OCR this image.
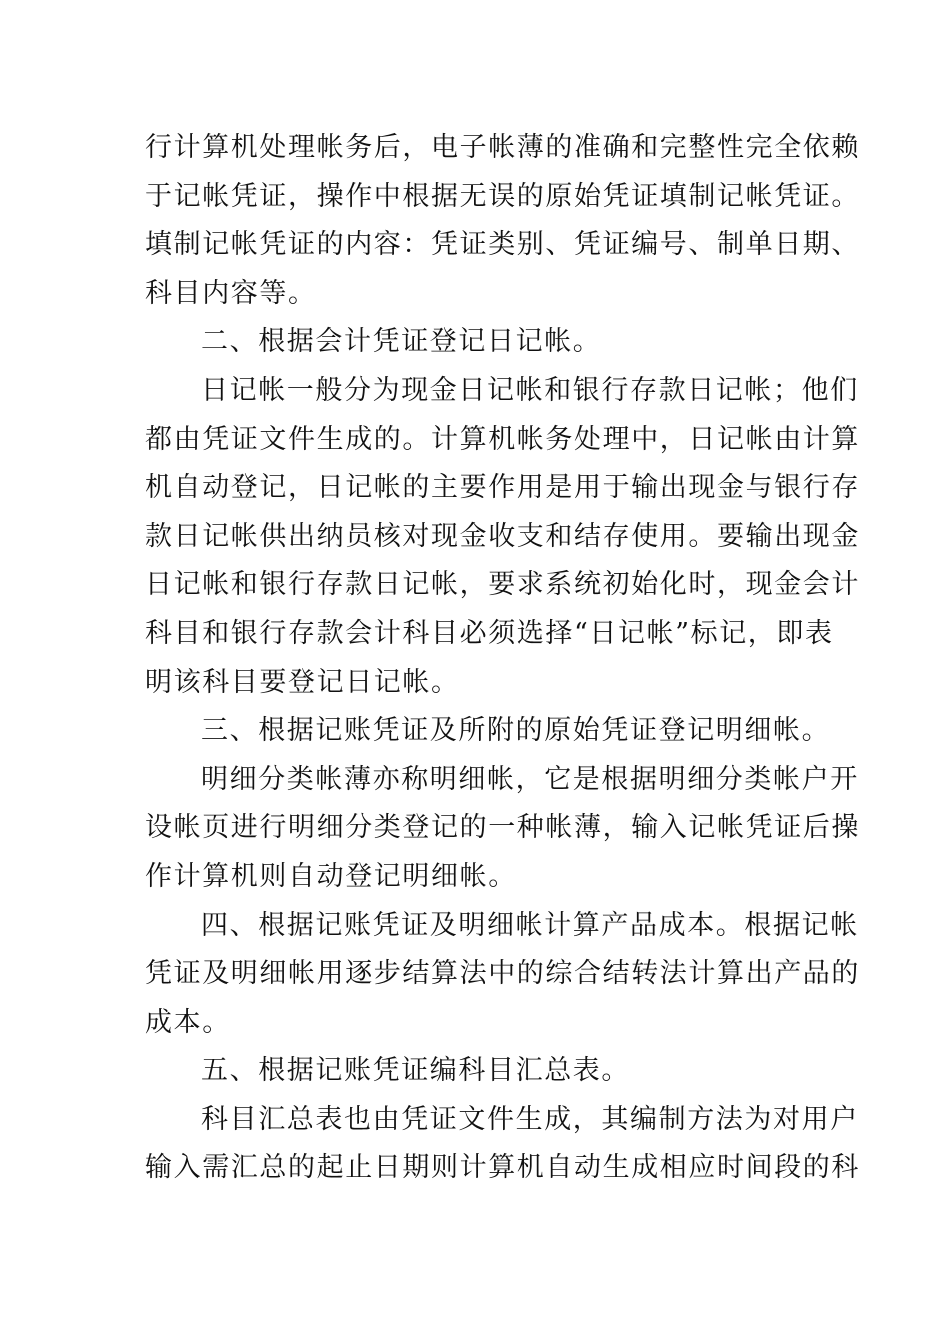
行计算机处理帐务后，电子帐薄的准确和完整性完全依赖
于记帐凭证，操作中根据无误的原始凭证填制记帐凭证。
填制记帐凭证的内容：凭证类别、凭证编号、制单日期、
科目内容等。
二、根据会计凭证登记日记帐。
日记帐一般分为现金日记帐和银行存款日记帐；他们
都由凭证文件生成的。计算机帐务处理中，日记帐由计算
机自动登记，日记帐的主要作用是用于输出现金与银行存
款日记帐供出纳员核对现金收支和结存使用。要输出现金
日记帐和银行存款日记帐，要求系统初始化时，现金会计
科目和银行存款会计科目必须选择“日记帐”标记，即表
明该科目要登记日记帐。
三、根据记账凭证及所附的原始凭证登记明细帐。
明细分类帐薄亦称明细帐，它是根据明细分类帐户开
设帐页进行明细分类登记的一种帐薄，输入记帐凭证后操
作计算机则自动登记明细帐。
四、根据记账凭证及明细帐计算产品成本。根据记帐
凭证及明细帐用逐步结算法中的综合结转法计算出产品的
成本。
五、根据记账凭证编科目汇总表。
科目汇总表也由凭证文件生成，其编制方法为对用户
输入需汇总的起止日期则计算机自动生成相应时间段的科
